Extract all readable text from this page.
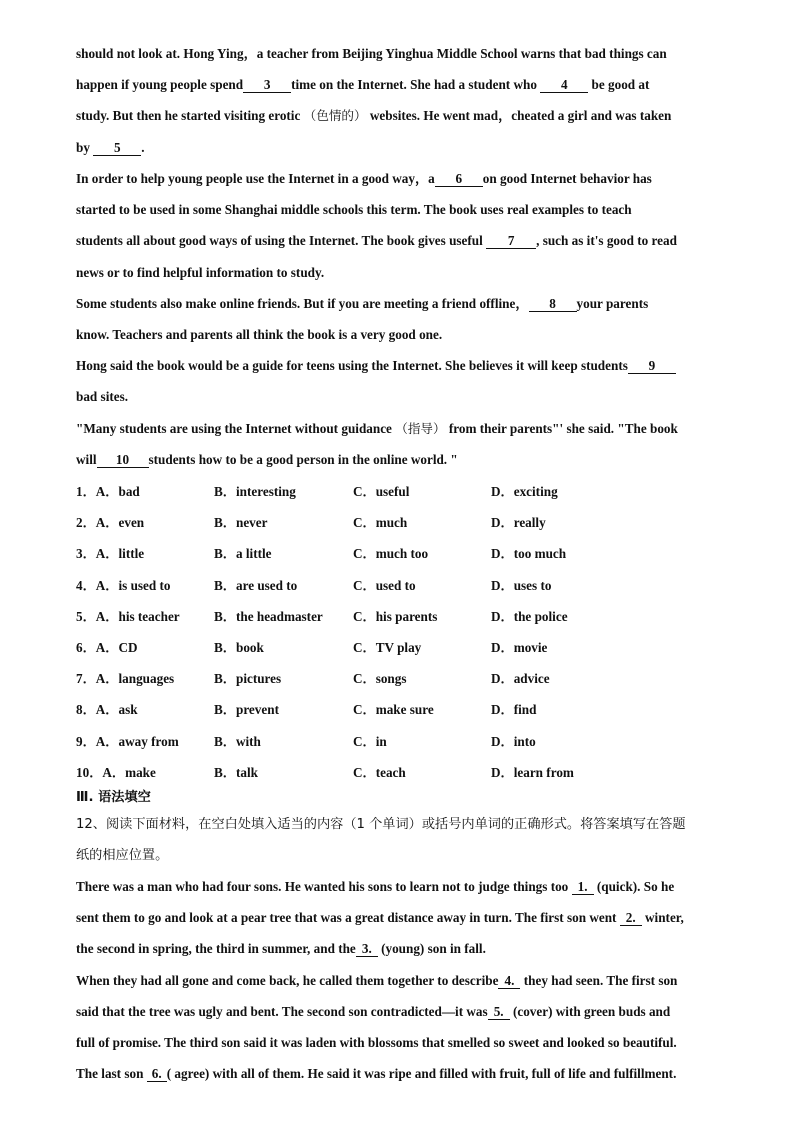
should not look at. Hong Ying，a teacher from Beijing Yinghua Middle School warns that bad things can
happen if young people spend 3 time on the Internet. She had a student who 4 be good at
study. But then he started visiting erotic （色情的） websites. He went mad，cheated a girl and was taken
by 5 .
In order to help young people use the Internet in a good way，a 6 on good Internet behavior has
started to be used in some Shanghai middle schools this term. The book uses real examples to teach
students all about good ways of using the Internet. The book gives useful 7 , such as it's good to read
news or to find helpful information to study.
Some students also make online friends. But if you are meeting a friend offline， 8 your parents
know. Teachers and parents all think the book is a very good one.
Hong said the book would be a guide for teens using the Internet. She believes it will keep students 9
bad sites.
"Many students are using the Internet without guidance （指导） from their parents"' she said. "The book
will 10 students how to be a good person in the online world. "
1．A．bad	B．interesting	C．useful	D．exciting
2．A．even	B．never	C．much	D．really
3．A．little	B．a little	C．much too	D．too much
4．A．is used to	B．are used to	C．used to	D．uses to
5．A．his teacher	B．the headmaster C．his parents	D．the police
6．A．CD	B．book	C．TV play	D．movie
7．A．languages	B．pictures	C．songs	D．advice
8．A．ask	B．prevent	C．make sure	D．find
9．A．away from	B．with	C．in	D．into
10．A．make	B．talk	C．teach	D．learn from
Ⅲ. 语法填空
12、阅读下面材料，在空白处填入适当的内容（1 个单词）或括号内单词的正确形式。将答案填写在答题
纸的相应位置。
There was a man who had four sons. He wanted his sons to learn not to judge things too 1. (quick). So he
sent them to go and look at a pear tree that was a great distance away in turn. The first son went 2. winter,
the second in spring, the third in summer, and the 3. (young) son in fall.
When they had all gone and come back, he called them together to describe 4. they had seen. The first son
said that the tree was ugly and bent. The second son contradicted—it was 5. (cover) with green buds and
full of promise. The third son said it was laden with blossoms that smelled so sweet and looked so beautiful.
The last son 6. ( agree) with all of them. He said it was ripe and filled with fruit, full of life and fulfillment.
